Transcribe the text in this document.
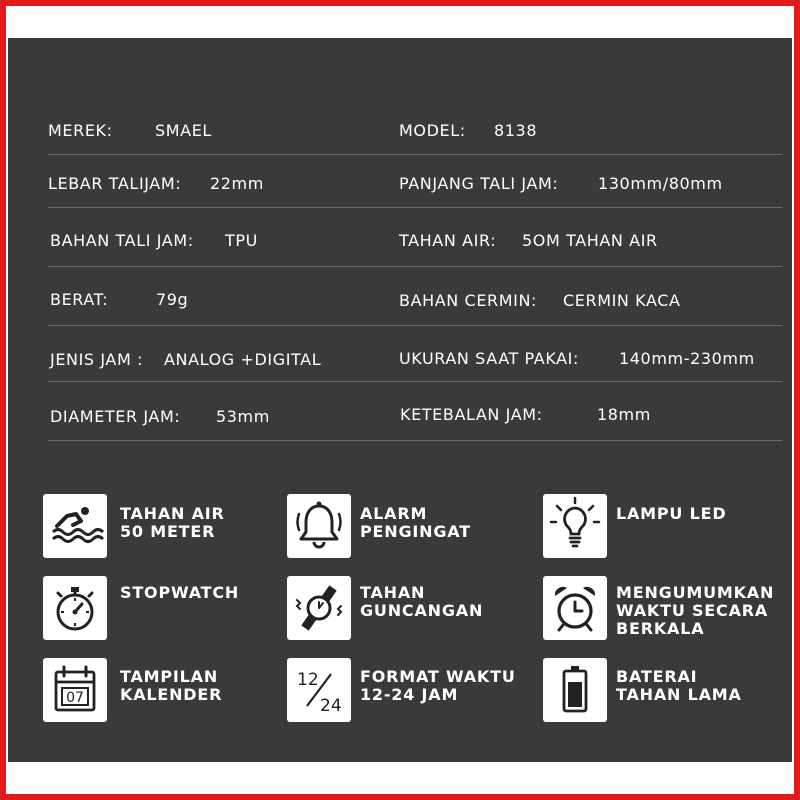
MEREK:	SMAEL	MODEL: 8138
LEBAR TALIJAM: 22mm	PANJANG TALI JAM: 130mm/80mm
BAHAN TALI JAM: TPU	TAHAN AIR: 5OM TAHAN AIR
BERAT:	79g	BAHAN CERMIN: CERMIN KACA
JENIS JAM : ANALOG +DIGITAL	UKURAN SAAT PAKAI:	140mm-230mm
DIAMETER JAM: 53mm	KETEBALAN JAM:	18mm
TAHAN AIR
50 METER
ALARM
PENGINGAT
LAMPU LED
STOPWATCH	TAHAN
GUNCANGAN
MENGUMUMKAN
WAKTU SECARA
BERKALA
07
TAMPILAN
KALENDER
12
24
FORMAT WAKTU
12-24 JAM
BATERAI
TAHAN LAMA
